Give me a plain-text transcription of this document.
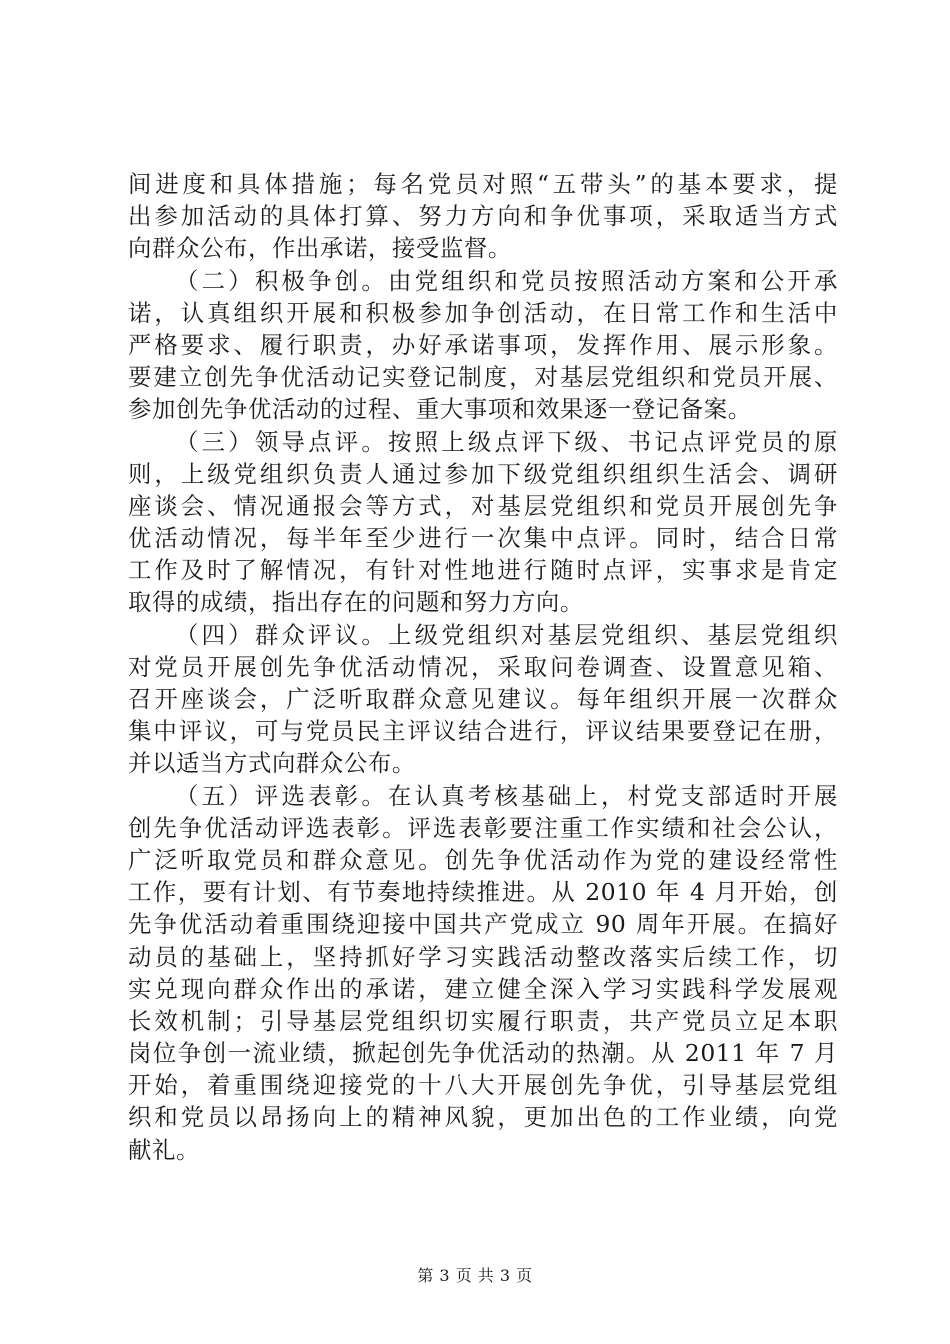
间进度和具体措施；每名党员对照“五带头”的基本要求，提
出参加活动的具体打算、努力方向和争优事项，采取适当方式
向群众公布，作出承诺，接受监督。
（二）积极争创。由党组织和党员按照活动方案和公开承
诺，认真组织开展和积极参加争创活动，在日常工作和生活中
严格要求、履行职责，办好承诺事项，发挥作用、展示形象。
要建立创先争优活动记实登记制度，对基层党组织和党员开展、
参加创先争优活动的过程、重大事项和效果逐一登记备案。
（三）领导点评。按照上级点评下级、书记点评党员的原
则，上级党组织负责人通过参加下级党组织组织生活会、调研
座谈会、情况通报会等方式，对基层党组织和党员开展创先争
优活动情况，每半年至少进行一次集中点评。同时，结合日常
工作及时了解情况，有针对性地进行随时点评，实事求是肯定
取得的成绩，指出存在的问题和努力方向。
（四）群众评议。上级党组织对基层党组织、基层党组织
对党员开展创先争优活动情况，采取问卷调查、设置意见箱、
召开座谈会，广泛听取群众意见建议。每年组织开展一次群众
集中评议，可与党员民主评议结合进行，评议结果要登记在册，
并以适当方式向群众公布。
（五）评选表彰。在认真考核基础上，村党支部适时开展
创先争优活动评选表彰。评选表彰要注重工作实绩和社会公认，
广泛听取党员和群众意见。创先争优活动作为党的建设经常性
工作，要有计划、有节奏地持续推进。从 2010 年 4 月开始，创
先争优活动着重围绕迎接中国共产党成立 90 周年开展。在搞好
动员的基础上，坚持抓好学习实践活动整改落实后续工作，切
实兑现向群众作出的承诺，建立健全深入学习实践科学发展观
长效机制；引导基层党组织切实履行职责，共产党员立足本职
岗位争创一流业绩，掀起创先争优活动的热潮。从 2011 年 7 月
开始，着重围绕迎接党的十八大开展创先争优，引导基层党组
织和党员以昂扬向上的精神风貌，更加出色的工作业绩，向党
献礼。
第 3 页 共 3 页
